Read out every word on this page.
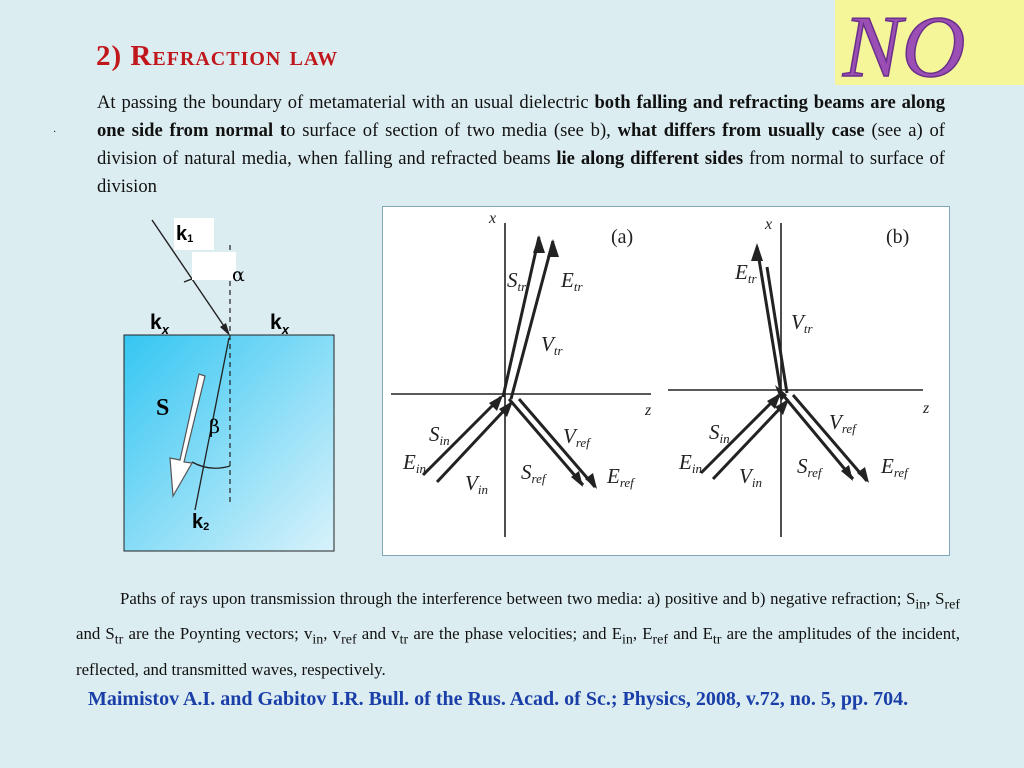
2) Refraction law	NO
·
At passing the boundary of metamaterial with an usual dielectric both falling and refracting beams are along one side from normal to surface of section of two media (see b), what differs from usually case (see a) of division of natural media, when falling and refracted beams lie along different sides from normal to surface of division
k1
α
$k_x$	$k_x$
S
β
k2
x
z
x
z
(a)	(b)
Str Etr
Vtr
Sin
Ein
Vin
Vref
Sref	Eref
Etr
Vtr
Sin
Ein Vin
Vref
Sref	Eref
Paths of rays upon transmission through the interference between two media: a) positive and b) negative refraction; $S_{in}$, $S_{ref}$ and $S_{tr}$ are the Poynting vectors; $v_{in}$, $v_{ref}$ and $v_{tr}$ are the phase velocities; and $E_{in}$, $E_{ref}$ and $E_{tr}$ are the amplitudes of the incident, reflected, and transmitted waves, respectively.
Maimistov A.I. and Gabitov I.R. Bull. of the Rus. Acad. of Sc.; Physics, 2008, v.72, no. 5, pp. 704.
